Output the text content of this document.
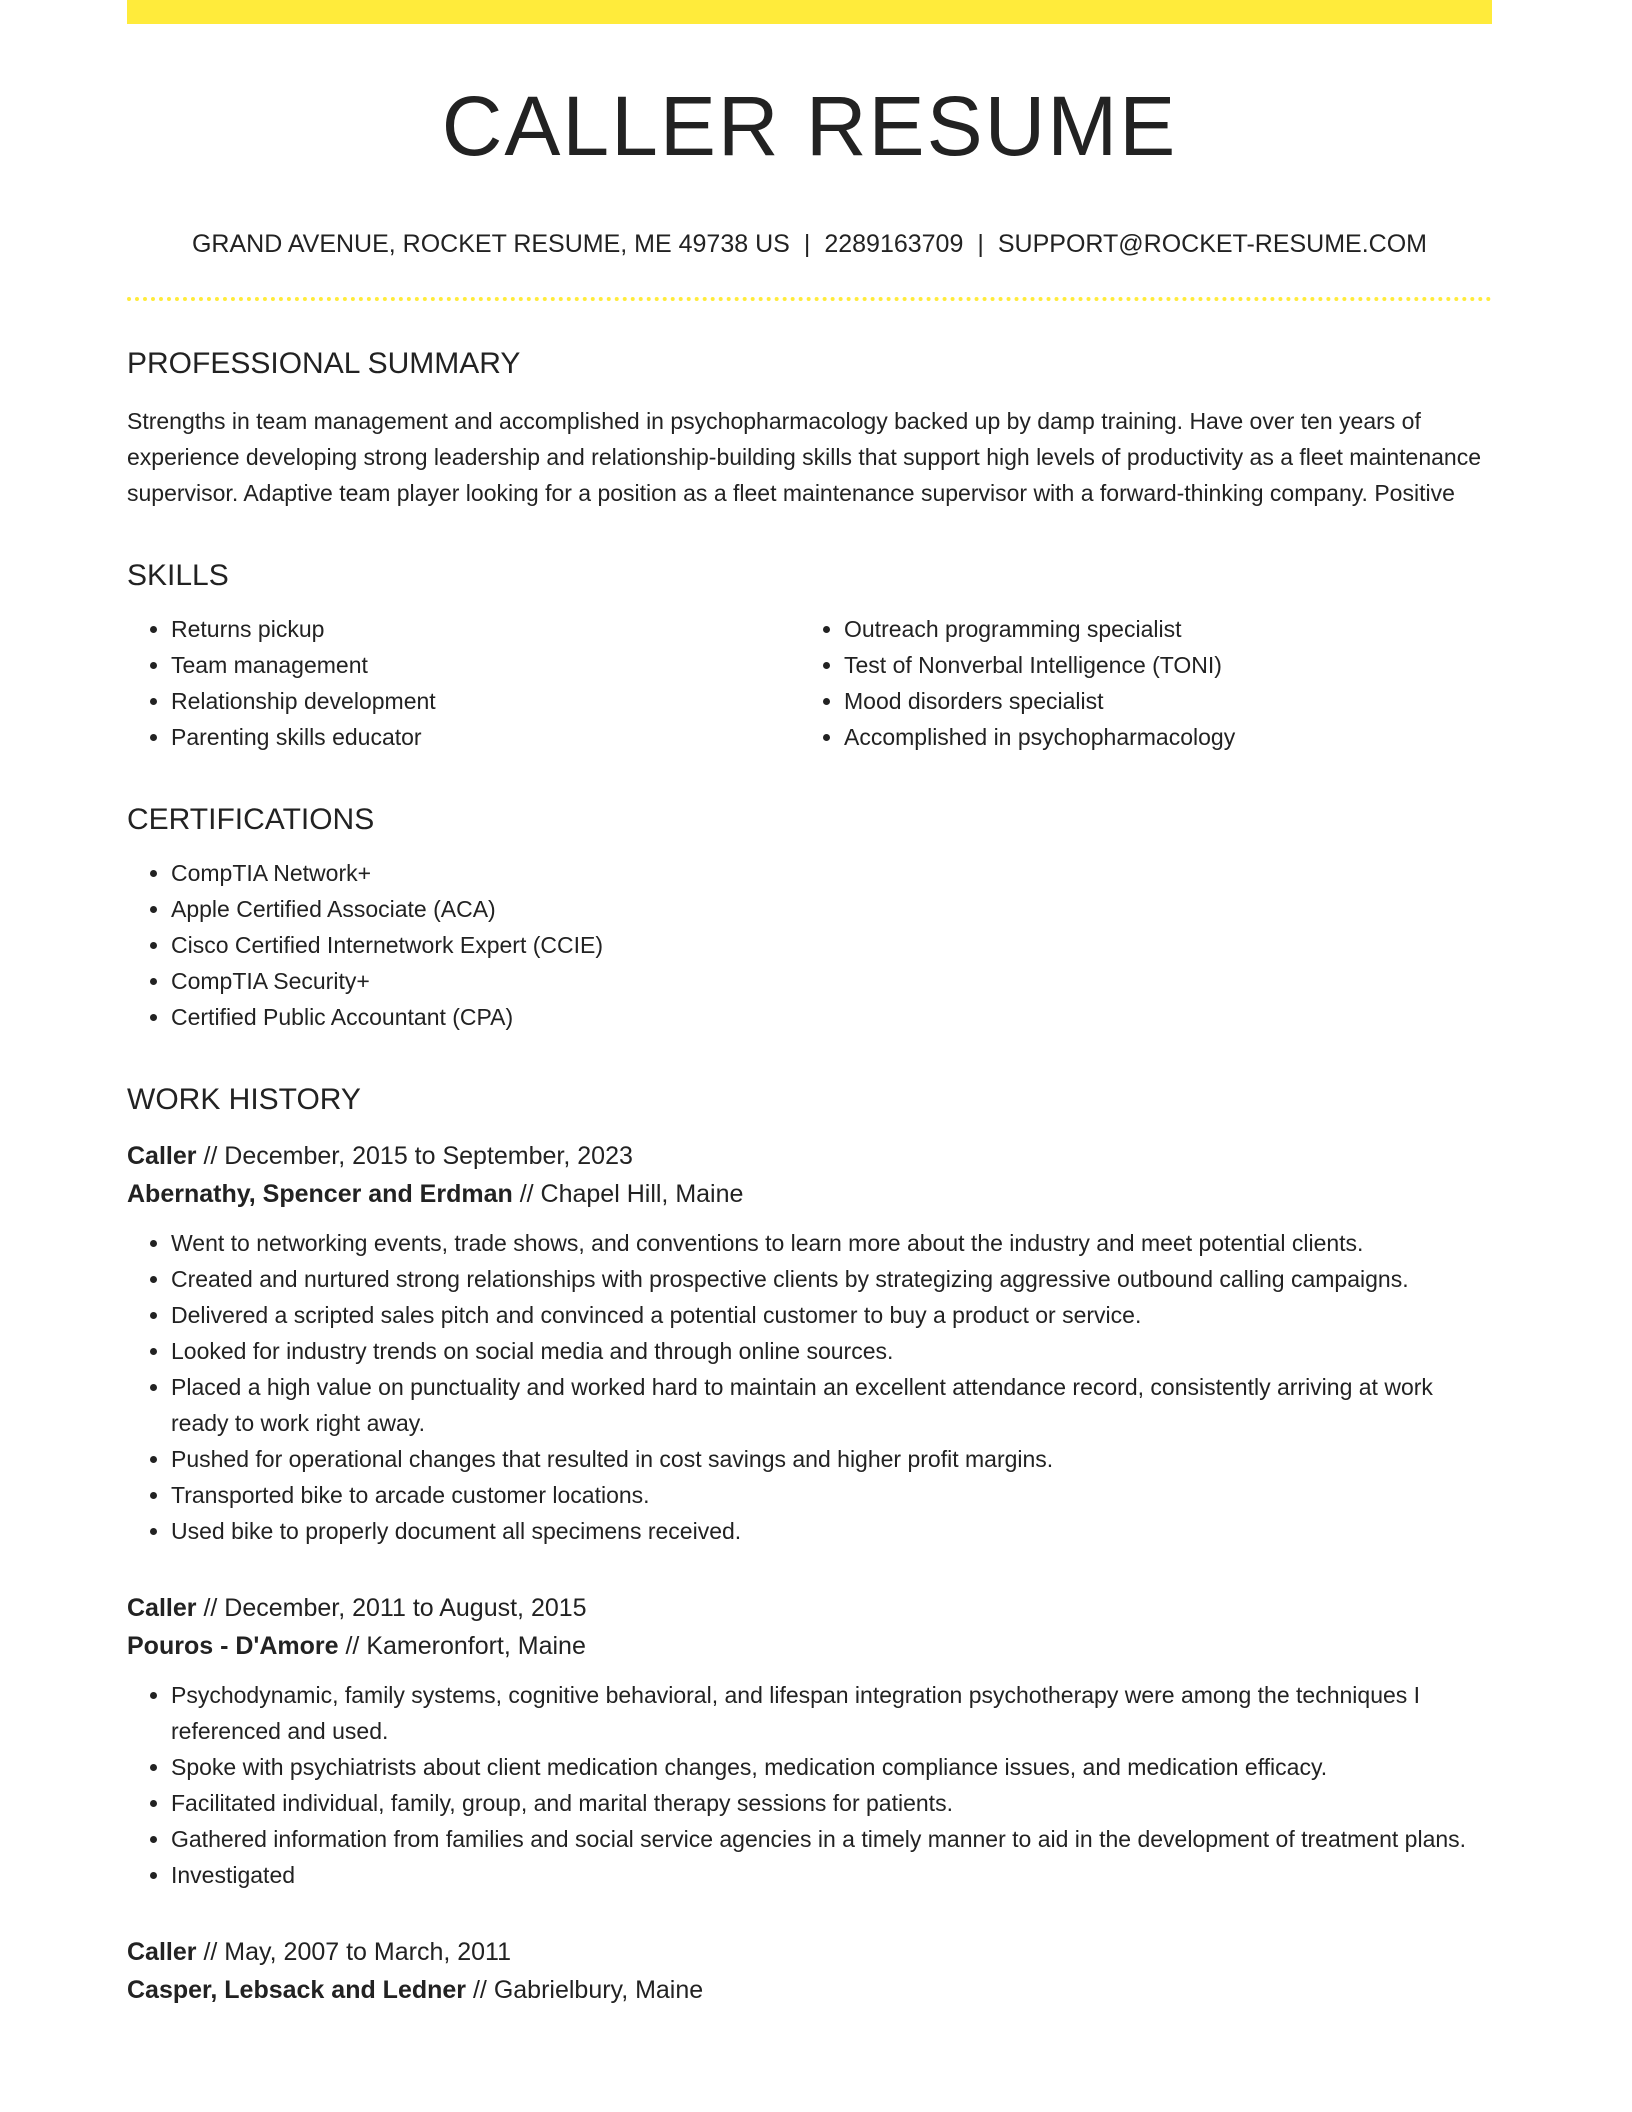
CALLER RESUME
GRAND AVENUE, ROCKET RESUME, ME 49738 US | 2289163709 | SUPPORT@ROCKET-RESUME.COM
PROFESSIONAL SUMMARY

Strengths in team management and accomplished in psychopharmacology backed up by damp training. Have over ten years of experience developing strong leadership and relationship-building skills that support high levels of productivity as a fleet maintenance supervisor. Adaptive team player looking for a position as a fleet maintenance supervisor with a forward-thinking company. Positive

SKILLS
• Returns pickup
• Team management
• Relationship development
• Parenting skills educator
• Outreach programming specialist
• Test of Nonverbal Intelligence (TONI)
• Mood disorders specialist
• Accomplished in psychopharmacology
CERTIFICATIONS
• CompTIA Network+
• Apple Certified Associate (ACA)
• Cisco Certified Internetwork Expert (CCIE)
• CompTIA Security+
• Certified Public Accountant (CPA)
WORK HISTORY
Caller // December, 2015 to September, 2023
Abernathy, Spencer and Erdman // Chapel Hill, Maine
• Went to networking events, trade shows, and conventions to learn more about the industry and meet potential clients.
• Created and nurtured strong relationships with prospective clients by strategizing aggressive outbound calling campaigns.
• Delivered a scripted sales pitch and convinced a potential customer to buy a product or service.
• Looked for industry trends on social media and through online sources.
• Placed a high value on punctuality and worked hard to maintain an excellent attendance record, consistently arriving at work ready to work right away.
• Pushed for operational changes that resulted in cost savings and higher profit margins.
• Transported bike to arcade customer locations.
• Used bike to properly document all specimens received.
Caller // December, 2011 to August, 2015
Pouros - D'Amore // Kameronfort, Maine
• Psychodynamic, family systems, cognitive behavioral, and lifespan integration psychotherapy were among the techniques I referenced and used.
• Spoke with psychiatrists about client medication changes, medication compliance issues, and medication efficacy.
• Facilitated individual, family, group, and marital therapy sessions for patients.
• Gathered information from families and social service agencies in a timely manner to aid in the development of treatment plans.
• Investigated
Caller // May, 2007 to March, 2011
Casper, Lebsack and Ledner // Gabrielbury, Maine
